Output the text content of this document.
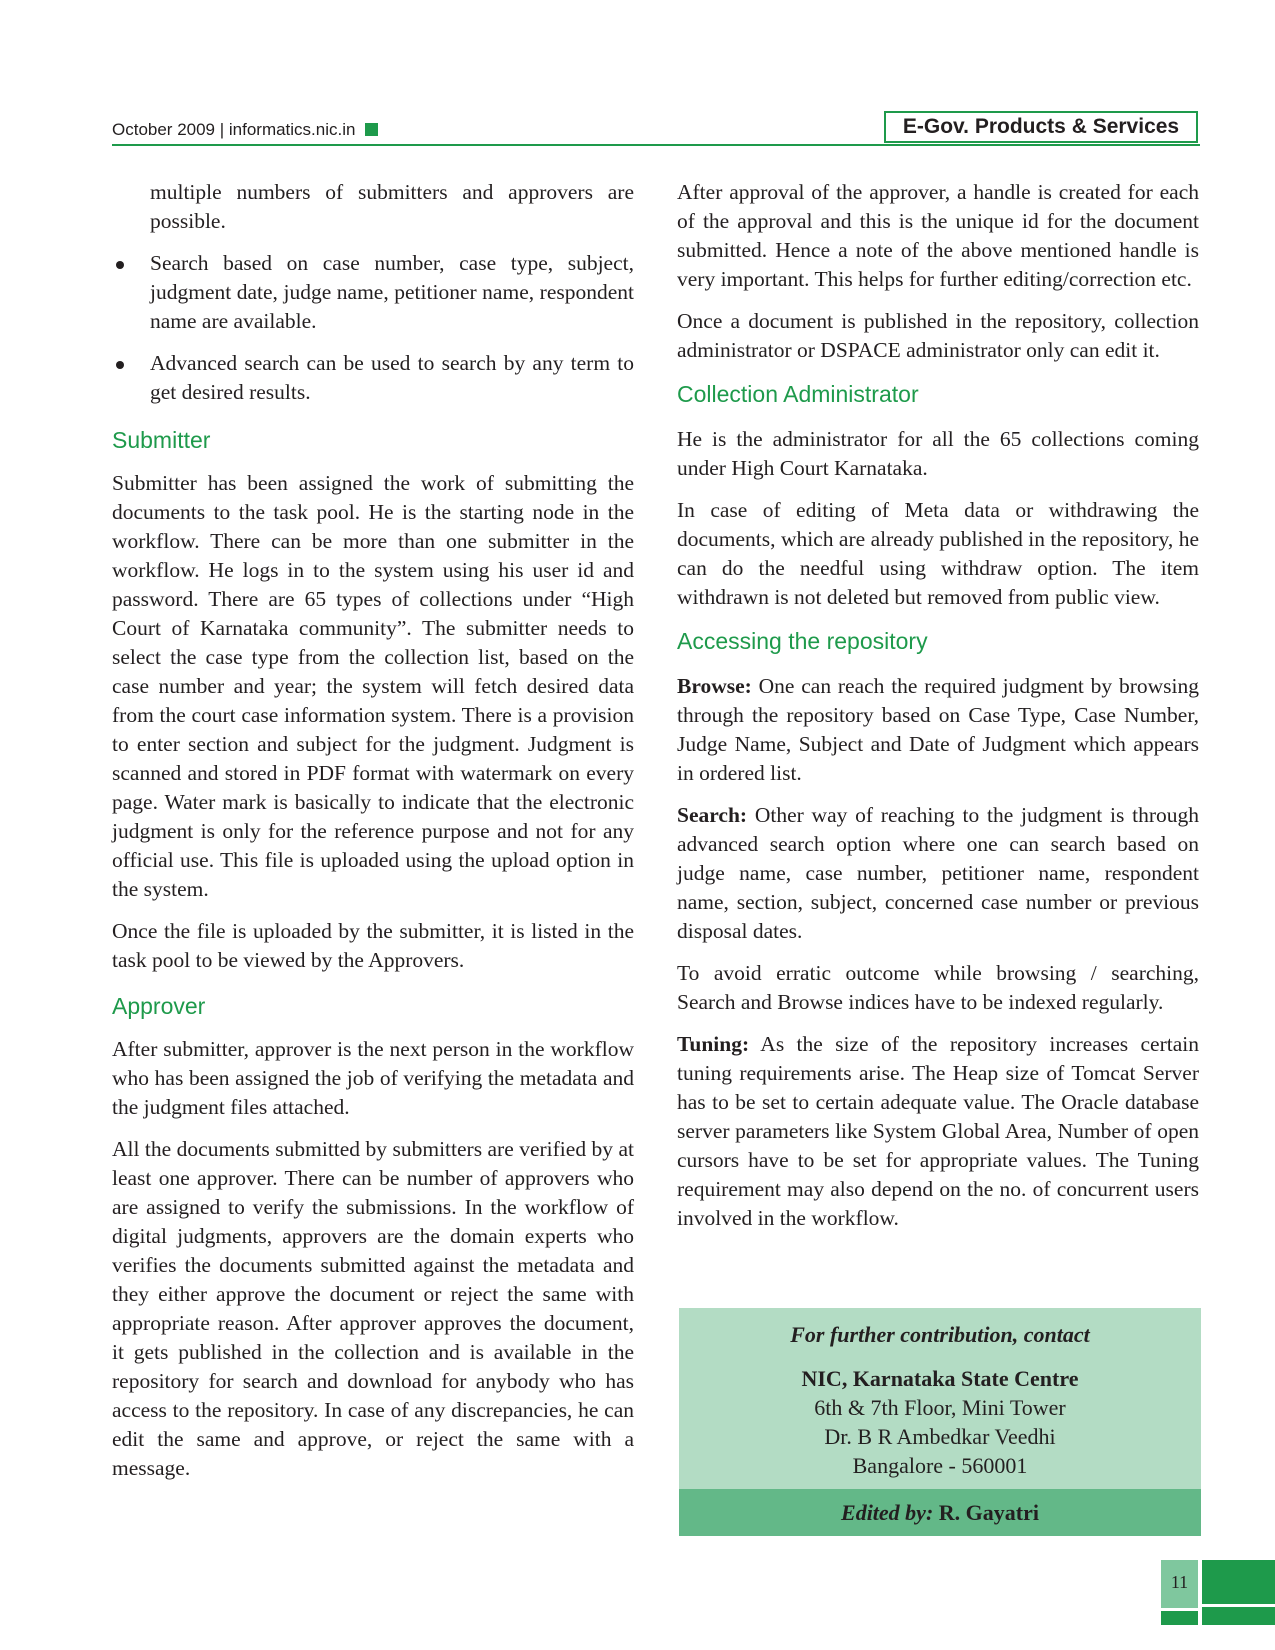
October 2009 | informatics.nic.in	E-Gov. Products & Services

multiple numbers of submitters and approvers are possible.

Search based on case number, case type, subject, judgment date, judge name, petitioner name, respondent name are available.

Advanced search can be used to search by any term to get desired results.

Submitter

Submitter has been assigned the work of submitting the documents to the task pool. He is the starting node in the workflow. There can be more than one submitter in the workflow. He logs in to the system using his user id and password. There are 65 types of collections under “High Court of Karnataka community”. The submitter needs to select the case type from the collection list, based on the case number and year; the system will fetch desired data from the court case information system. There is a provision to enter section and subject for the judgment. Judgment is scanned and stored in PDF format with watermark on every page. Water mark is basically to indicate that the electronic judgment is only for the reference purpose and not for any official use. This file is uploaded using the upload option in the system.

Once the file is uploaded by the submitter, it is listed in the task pool to be viewed by the Approvers.

Approver

After submitter, approver is the next person in the workflow who has been assigned the job of verifying the metadata and the judgment files attached.

All the documents submitted by submitters are verified by at least one approver. There can be number of approvers who are assigned to verify the submissions. In the workflow of digital judgments, approvers are the domain experts who verifies the documents submitted against the metadata and they either approve the document or reject the same with appropriate reason. After approver approves the document, it gets published in the collection and is available in the repository for search and download for anybody who has access to the repository. In case of any discrepancies, he can edit the same and approve, or reject the same with a message.

After approval of the approver, a handle is created for each of the approval and this is the unique id for the document submitted. Hence a note of the above mentioned handle is very important. This helps for further editing/correction etc.

Once a document is published in the repository, collection administrator or DSPACE administrator only can edit it.

Collection Administrator

He is the administrator for all the 65 collections coming under High Court Karnataka.

In case of editing of Meta data or withdrawing the documents, which are already published in the repository, he can do the needful using withdraw option. The item withdrawn is not deleted but removed from public view.

Accessing the repository

Browse: One can reach the required judgment by browsing through the repository based on Case Type, Case Number, Judge Name, Subject and Date of Judgment which appears in ordered list.

Search: Other way of reaching to the judgment is through advanced search option where one can search based on judge name, case number, petitioner name, respondent name, section, subject, concerned case number or previous disposal dates.

To avoid erratic outcome while browsing / searching, Search and Browse indices have to be indexed regularly.

Tuning: As the size of the repository increases certain tuning requirements arise. The Heap size of Tomcat Server has to be set to certain adequate value. The Oracle database server parameters like System Global Area, Number of open cursors have to be set for appropriate values. The Tuning requirement may also depend on the no. of concurrent users involved in the workflow.

For further contribution, contact
NIC, Karnataka State Centre
6th & 7th Floor, Mini Tower
Dr. B R Ambedkar Veedhi
Bangalore - 560001
Edited by: R. Gayatri
11
